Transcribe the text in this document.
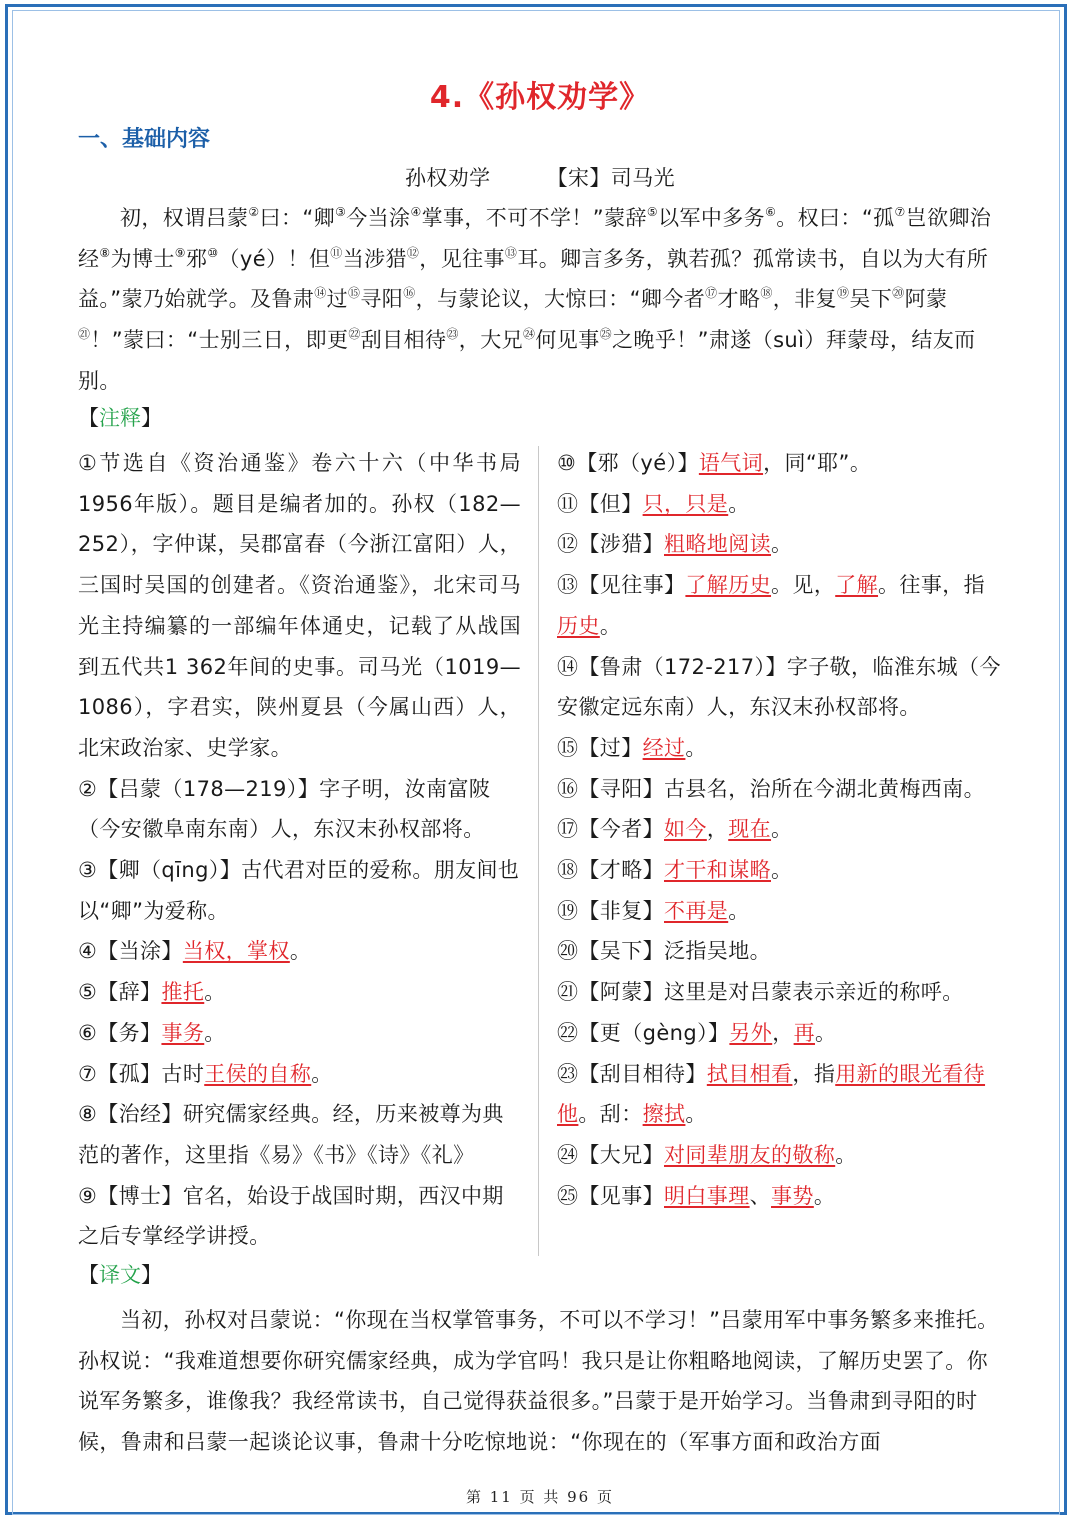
4.《孙权劝学》
一、基础内容
孙权劝学	【宋】司马光
初，权谓吕蒙②曰：“卿③今当涂④掌事，不可不学！”蒙辞⑤以军中多务⑥。权曰：“孤⑦岂欲卿治经⑧为博士⑨邪⑩（yé）！但⑪当涉猎⑫，见往事⑬耳。卿言多务，孰若孤？孤常读书，自以为大有所益。”蒙乃始就学。及鲁肃⑭过⑮寻阳⑯，与蒙论议，大惊曰：“卿今者⑰才略⑱，非复⑲吴下⑳阿蒙$^㉑$！”蒙曰：“士别三日，即更$^㉒$刮目相待$^㉓$，大兄$^㉔$何见事$^㉕$之晚乎！”肃遂（suì）拜蒙母，结友而别。
【注释】

①节选自《资治通鉴》卷六十六（中华书局1956年版）。题目是编者加的。孙权（182—252），字仲谋，吴郡富春（今浙江富阳）人，三国时吴国的创建者。《资治通鉴》，北宋司马光主持编纂的一部编年体通史，记载了从战国到五代共1 362年间的史事。司马光（1019—1086），字君实，陕州夏县（今属山西）人，北宋政治家、史学家。

②【吕蒙（178—219）】字子明，汝南富陂（今安徽阜南东南）人，东汉末孙权部将。

③【卿（qīng）】古代君对臣的爱称。朋友间也以“卿”为爱称。

④【当涂】当权，掌权。

⑤【辞】推托。

⑥【务】事务。

⑦【孤】古时王侯的自称。

⑧【治经】研究儒家经典。经，历来被尊为典范的著作，这里指《易》《书》《诗》《礼》

⑨【博士】官名，始设于战国时期，西汉中期之后专掌经学讲授。

⑩【邪（yé）】语气词，同“耶”。

⑪【但】只，只是。

⑫【涉猎】粗略地阅读。

⑬【见往事】了解历史。见，了解。往事，指历史。

⑭【鲁肃（172-217）】字子敬，临淮东城（今安徽定远东南）人，东汉末孙权部将。

⑮【过】经过。

⑯【寻阳】古县名，治所在今湖北黄梅西南。

⑰【今者】如今，现在。

⑱【才略】才干和谋略。

⑲【非复】不再是。

⑳【吴下】泛指吴地。

㉑【阿蒙】这里是对吕蒙表示亲近的称呼。

㉒【更（gèng）】另外，再。

㉓【刮目相待】拭目相看，指用新的眼光看待他。刮：擦拭。

㉔【大兄】对同辈朋友的敬称。

㉕【见事】明白事理、事势。

【译文】
当初，孙权对吕蒙说：“你现在当权掌管事务，不可以不学习！”吕蒙用军中事务繁多来推托。孙权说：“我难道想要你研究儒家经典，成为学官吗！我只是让你粗略地阅读，了解历史罢了。你说军务繁多，谁像我？我经常读书，自己觉得获益很多。”吕蒙于是开始学习。当鲁肃到寻阳的时候，鲁肃和吕蒙一起谈论议事，鲁肃十分吃惊地说：“你现在的（军事方面和政治方面
第 11 页 共 96 页
